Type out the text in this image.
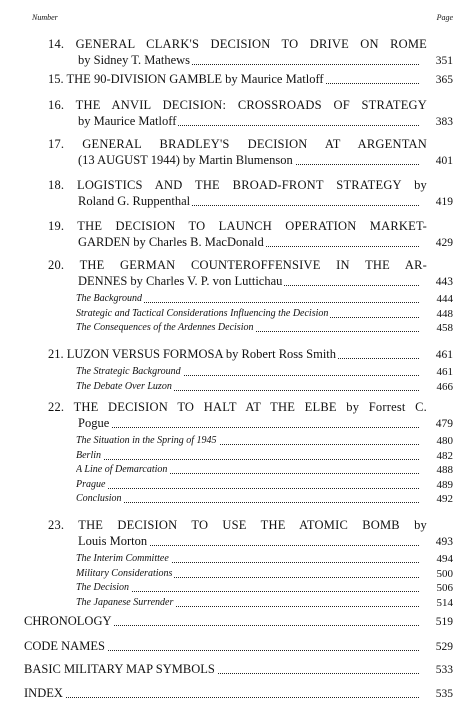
Number	Page
14. GENERAL CLARK'S DECISION TO DRIVE ON ROME
by Sidney T. Mathews	351
15. THE 90-DIVISION GAMBLE by Maurice Matloff	365
16. THE ANVIL DECISION: CROSSROADS OF STRATEGY
by Maurice Matloff	383
17. GENERAL BRADLEY'S DECISION AT ARGENTAN
(13 AUGUST 1944) by Martin Blumenson	401
18. LOGISTICS AND THE BROAD-FRONT STRATEGY by
Roland G. Ruppenthal	419
19. THE DECISION TO LAUNCH OPERATION MARKET-
GARDEN by Charles B. MacDonald	429
20. THE GERMAN COUNTEROFFENSIVE IN THE AR-
DENNES by Charles V. P. von Luttichau	443
The Background	444
Strategic and Tactical Considerations Influencing the Decision	448
The Consequences of the Ardennes Decision	458
21. LUZON VERSUS FORMOSA by Robert Ross Smith	461
The Strategic Background	461
The Debate Over Luzon	466
22. THE DECISION TO HALT AT THE ELBE by Forrest C.
Pogue	479
The Situation in the Spring of 1945	480
Berlin	482
A Line of Demarcation	488
Prague	489
Conclusion	492
23. THE DECISION TO USE THE ATOMIC BOMB by
Louis Morton	493
The Interim Committee	494
Military Considerations	500
The Decision	506
The Japanese Surrender	514
CHRONOLOGY	519
CODE NAMES	529
BASIC MILITARY MAP SYMBOLS	533
INDEX	535
